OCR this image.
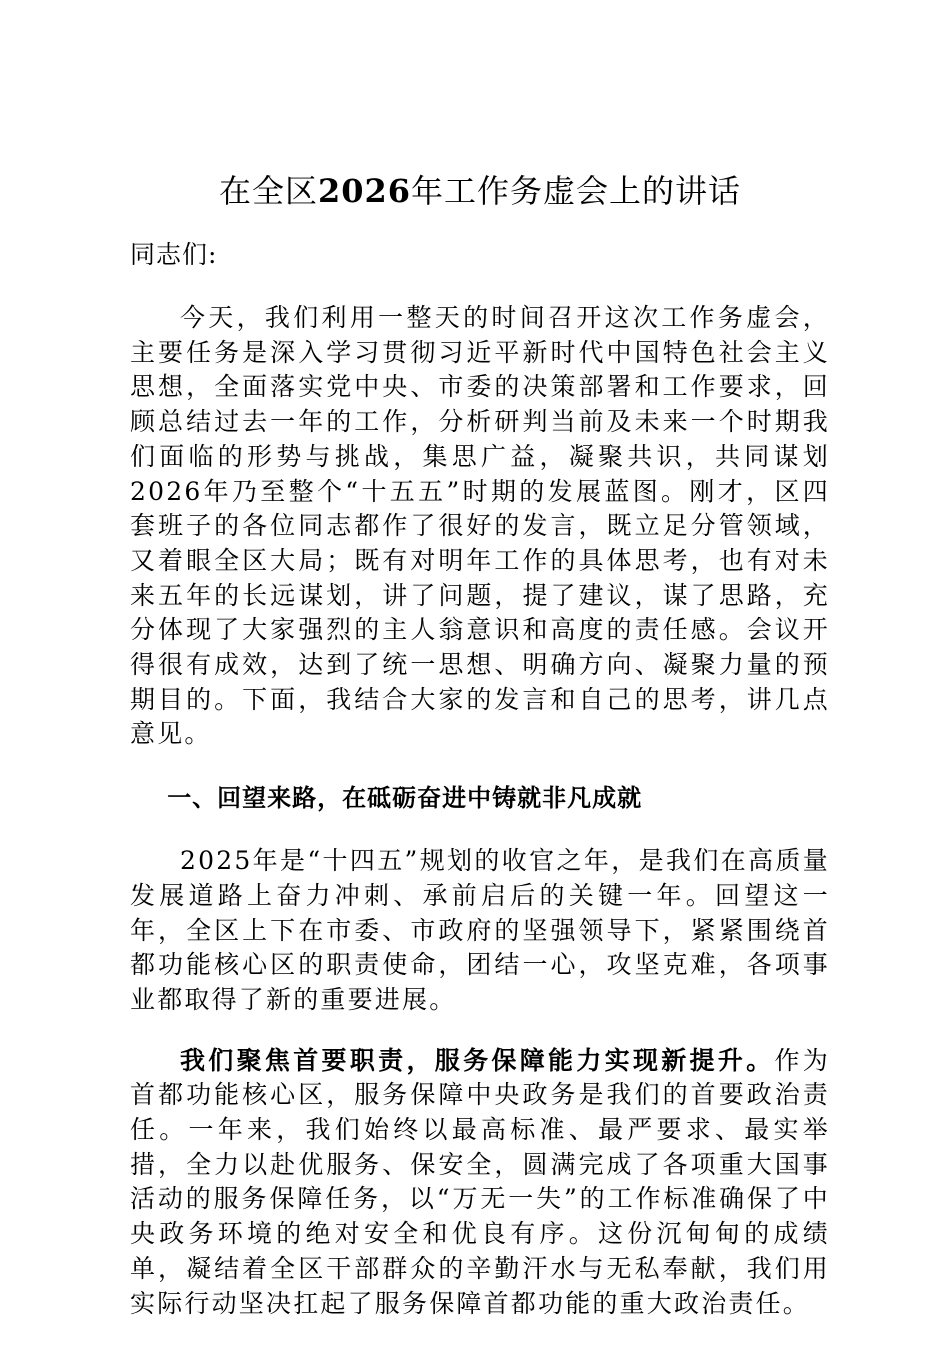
在全区2026年工作务虚会上的讲话

同志们:

今天，我们利用一整天的时间召开这次工作务虚会，主要任务是深入学习贯彻习近平新时代中国特色社会主义思想，全面落实党中央、市委的决策部署和工作要求，回顾总结过去一年的工作，分析研判当前及未来一个时期我们面临的形势与挑战，集思广益，凝聚共识，共同谋划2026年乃至整个“十五五”时期的发展蓝图。刚才，区四套班子的各位同志都作了很好的发言，既立足分管领域，又着眼全区大局；既有对明年工作的具体思考，也有对未来五年的长远谋划，讲了问题，提了建议，谋了思路，充分体现了大家强烈的主人翁意识和高度的责任感。会议开得很有成效，达到了统一思想、明确方向、凝聚力量的预期目的。下面，我结合大家的发言和自己的思考，讲几点意见。

一、回望来路，在砥砺奋进中铸就非凡成就

2025年是“十四五”规划的收官之年，是我们在高质量发展道路上奋力冲刺、承前启后的关键一年。回望这一年，全区上下在市委、市政府的坚强领导下，紧紧围绕首都功能核心区的职责使命，团结一心，攻坚克难，各项事业都取得了新的重要进展。

我们聚焦首要职责，服务保障能力实现新提升。作为首都功能核心区，服务保障中央政务是我们的首要政治责任。一年来，我们始终以最高标准、最严要求、最实举措，全力以赴优服务、保安全，圆满完成了各项重大国事活动的服务保障任务，以“万无一失”的工作标准确保了中央政务环境的绝对安全和优良有序。这份沉甸甸的成绩单，凝结着全区干部群众的辛勤汗水与无私奉献，我们用实际行动坚决扛起了服务保障首都功能的重大政治责任。
